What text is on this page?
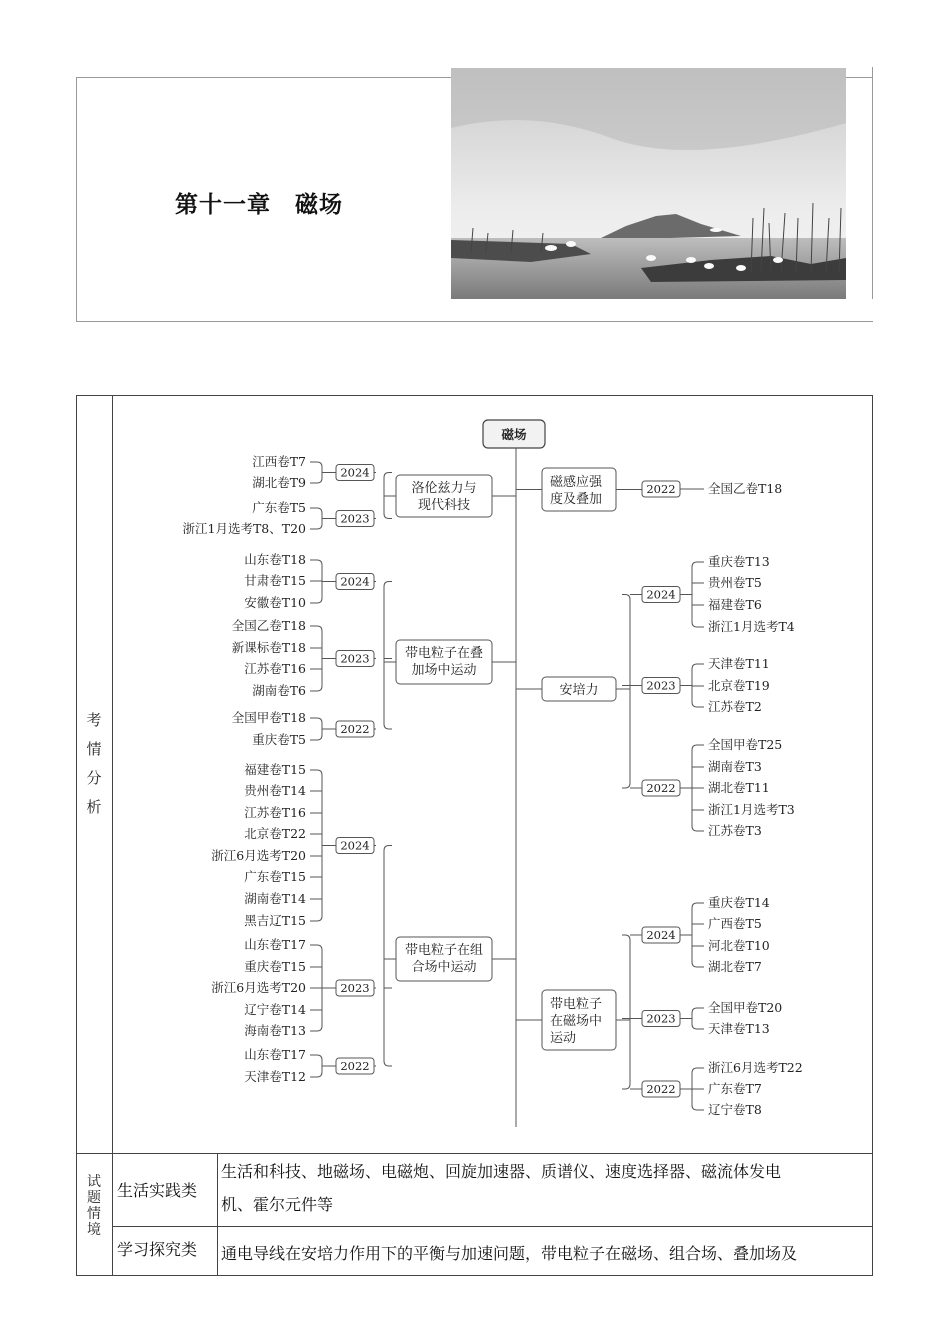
第十一章　磁场
考
情
分
析
试
题
情
境
生活实践类
生活和科技、地磁场、电磁炮、回旋加速器、质谱仪、速度选择器、磁流体发电
机、霍尔元件等
学习探究类 通电导线在安培力作用下的平衡与加速问题，带电粒子在磁场、组合场、叠加场及
磁场
洛伦兹力与
现代科技
2024
江西卷T7
湖北卷T9
2023
广东卷T5
浙江1月选考T8、T20
带电粒子在叠
加场中运动
2024
山东卷T18
甘肃卷T15
安徽卷T10
2023
全国乙卷T18
新课标卷T18
江苏卷T16
湖南卷T6
2022
全国甲卷T18
重庆卷T5
带电粒子在组
合场中运动
2024
福建卷T15
贵州卷T14
江苏卷T16
北京卷T22
浙江6月选考T20
广东卷T15
湖南卷T14
黑吉辽T15
2023
山东卷T17
重庆卷T15
浙江6月选考T20
辽宁卷T14
海南卷T13
2022
山东卷T17
天津卷T12
磁感应强
度及叠加
2022	全国乙卷T18
安培力
2024
重庆卷T13
贵州卷T5
福建卷T6
浙江1月选考T4
2023
天津卷T11
北京卷T19
江苏卷T2
2022
全国甲卷T25
湖南卷T3
湖北卷T11
浙江1月选考T3
江苏卷T3
带电粒子
在磁场中
运动
2024
重庆卷T14
广西卷T5
河北卷T10
湖北卷T7
2023
全国甲卷T20
天津卷T13
2022
浙江6月选考T22
广东卷T7
辽宁卷T8
